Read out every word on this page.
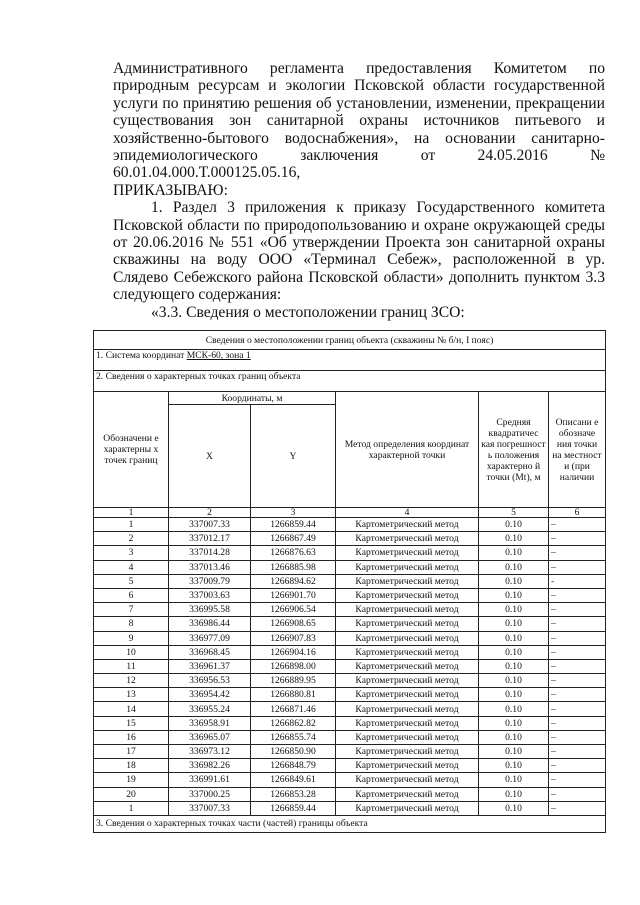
Административного регламента предоставления Комитетом по природным ресурсам и экологии Псковской области государственной услуги по принятию решения об установлении, изменении, прекращении существования зон санитарной охраны источников питьевого и хозяйственно-бытового водоснабжения», на основании санитарно-эпидемиологического заключения от 24.05.2016 № 60.01.04.000.Т.000125.05.16,

ПРИКАЗЫВАЮ:

1. Раздел 3 приложения к приказу Государственного комитета Псковской области по природопользованию и охране окружающей среды от 20.06.2016 № 551 «Об утверждении Проекта зон санитарной охраны скважины на воду ООО «Терминал Себеж», расположенной в ур. Слядево Себежского района Псковской области» дополнить пунктом 3.3 следующего содержания:

«3.3. Сведения о местоположении границ ЗСО:

Сведения о местоположении границ объекта (скважины № б/н, I пояс)					
1. Система координат МСК-60, зона 1					
2. Сведения о характерных точках границ объекта					
Обозначени е характерны х точек границ	Координаты, м		Метод определения координат характерной точки	Средняя квадратичес кая погрешност ь положения характерно й точки (Mt), м	Описани е обозначе ния точки на местност и (при наличии
	X	Y			
1	2	3	4	5	6
1	337007.33	1266859.44	Картометрический метод	0.10	–
2	337012.17	1266867.49	Картометрический метод	0.10	–
3	337014.28	1266876.63	Картометрический метод	0.10	–
4	337013.46	1266885.98	Картометрический метод	0.10	–
5	337009.79	1266894.62	Картометрический метод	0.10	-
6	337003.63	1266901.70	Картометрический метод	0.10	–
7	336995.58	1266906.54	Картометрический метод	0.10	–
8	336986.44	1266908.65	Картометрический метод	0.10	–
9	336977.09	1266907.83	Картометрический метод	0.10	–
10	336968.45	1266904.16	Картометрический метод	0.10	–
11	336961.37	1266898.00	Картометрический метод	0.10	–
12	336956.53	1266889.95	Картометрический метод	0.10	–
13	336954.42	1266880.81	Картометрический метод	0.10	–
14	336955.24	1266871.46	Картометрический метод	0.10	–
15	336958.91	1266862.82	Картометрический метод	0.10	–
16	336965.07	1266855.74	Картометрический метод	0.10	–
17	336973.12	1266850.90	Картометрический метод	0.10	–
18	336982.26	1266848.79	Картометрический метод	0.10	–
19	336991.61	1266849.61	Картометрический метод	0.10	–
20	337000.25	1266853.28	Картометрический метод	0.10	–
1	337007.33	1266859.44	Картометрический метод	0.10	–
3. Сведения о характерных точках части (частей) границы объекта					
